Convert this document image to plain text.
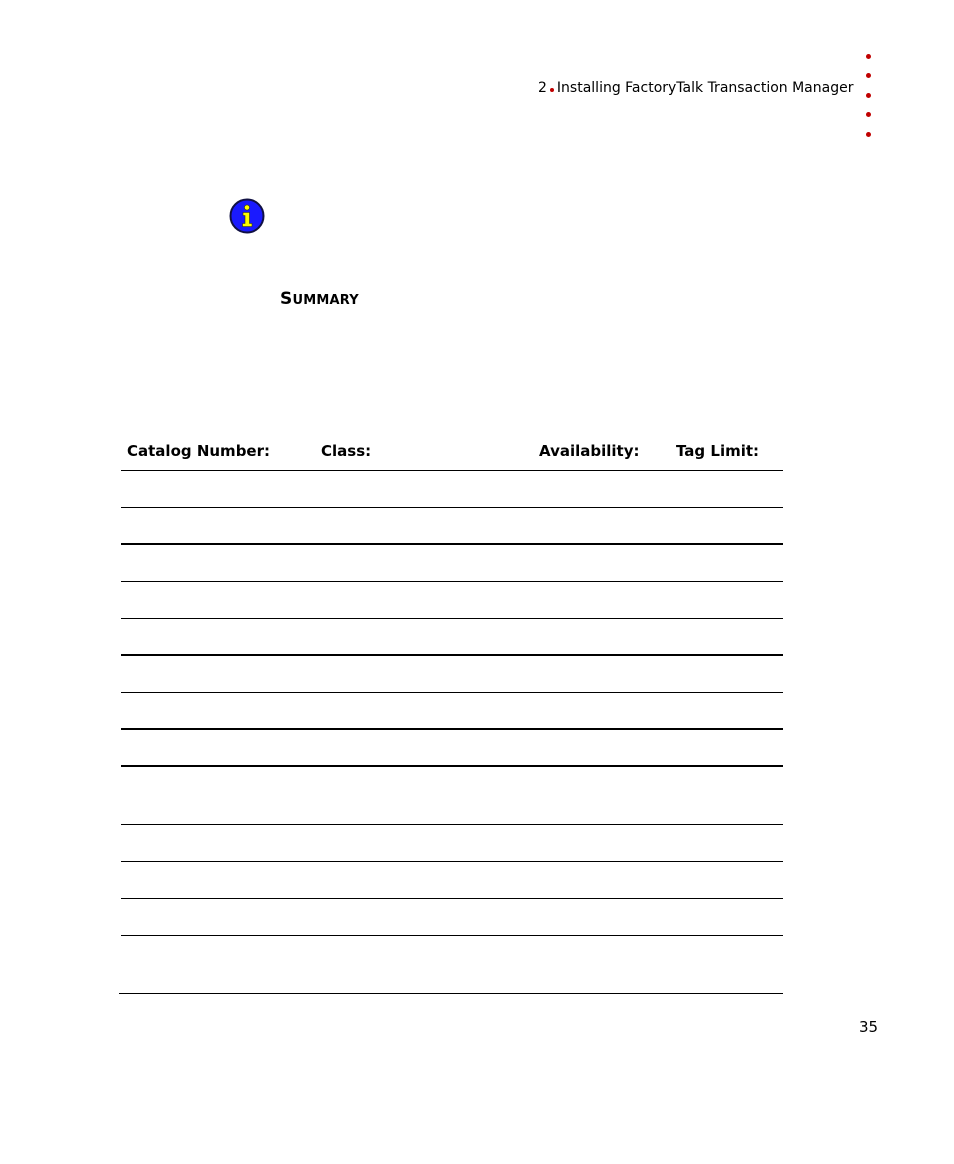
2 Installing FactoryTalk Transaction Manager
SUMMARY
Catalog Number:	Class:	Availability: Tag Limit:
35
